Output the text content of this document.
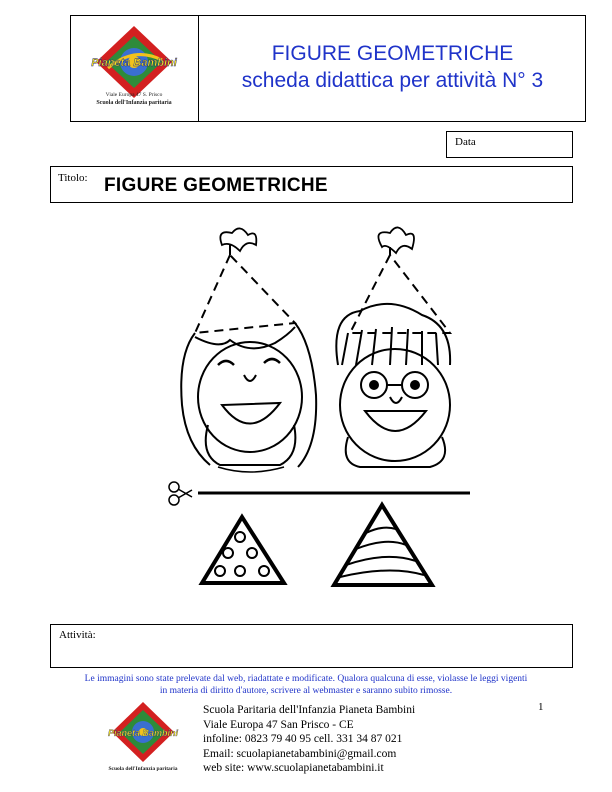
Pianeta Bambini
Viale Europa 47 S. Prisco
Scuola dell'Infanzia paritaria
FIGURE GEOMETRICHE
scheda didattica per attività N° 3
Data
Titolo: FIGURE GEOMETRICHE
Attività:
Le immagini sono state prelevate dal web, riadattate e modificate. Qualora qualcuna di esse, violasse le leggi vigenti
in materia di diritto d'autore, scrivere al webmaster e saranno subito rimosse.
Pianeta Bambini
Scuola dell'Infanzia paritaria
Scuola Paritaria dell'Infanzia Pianeta Bambini
Viale Europa 47 San Prisco - CE
infoline: 0823 79 40 95 cell. 331 34 87 021
Email: scuolapianetabambini@gmail.com
web site: www.scuolapianetabambini.it
1
